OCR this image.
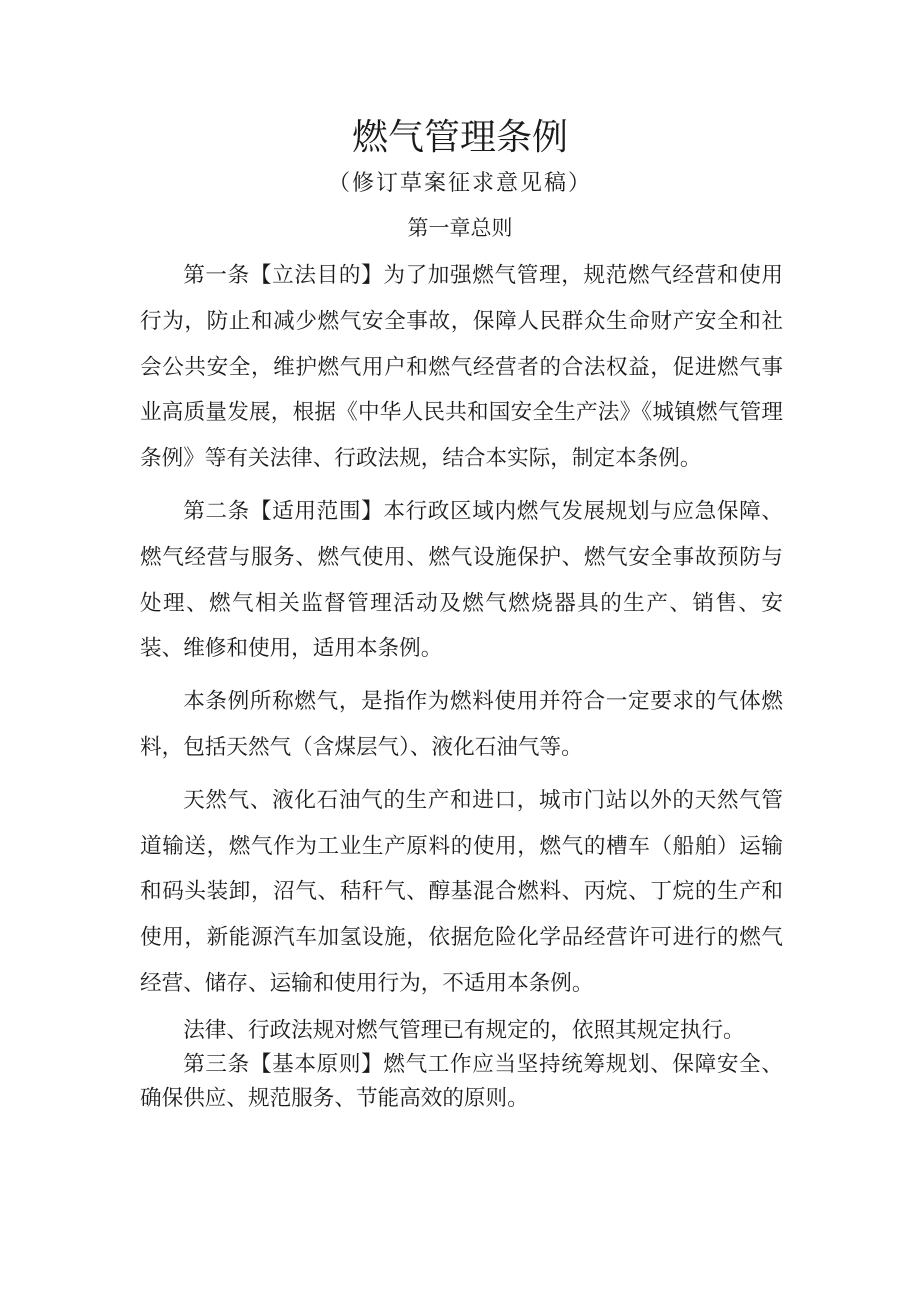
燃气管理条例
（修订草案征求意见稿）
第一章总则

第一条【立法目的】为了加强燃气管理，规范燃气经营和使用行为，防止和减少燃气安全事故，保障人民群众生命财产安全和社会公共安全，维护燃气用户和燃气经营者的合法权益，促进燃气事业高质量发展，根据《中华人民共和国安全生产法》《城镇燃气管理条例》等有关法律、行政法规，结合本实际，制定本条例。

第二条【适用范围】本行政区域内燃气发展规划与应急保障、燃气经营与服务、燃气使用、燃气设施保护、燃气安全事故预防与处理、燃气相关监督管理活动及燃气燃烧器具的生产、销售、安装、维修和使用，适用本条例。

本条例所称燃气，是指作为燃料使用并符合一定要求的气体燃料，包括天然气（含煤层气）、液化石油气等。

天然气、液化石油气的生产和进口，城市门站以外的天然气管道输送，燃气作为工业生产原料的使用，燃气的槽车（船舶）运输和码头装卸，沼气、秸秆气、醇基混合燃料、丙烷、丁烷的生产和使用，新能源汽车加氢设施，依据危险化学品经营许可进行的燃气经营、储存、运输和使用行为，不适用本条例。

法律、行政法规对燃气管理已有规定的，依照其规定执行。

第三条【基本原则】燃气工作应当坚持统筹规划、保障安全、确保供应、规范服务、节能高效的原则。
